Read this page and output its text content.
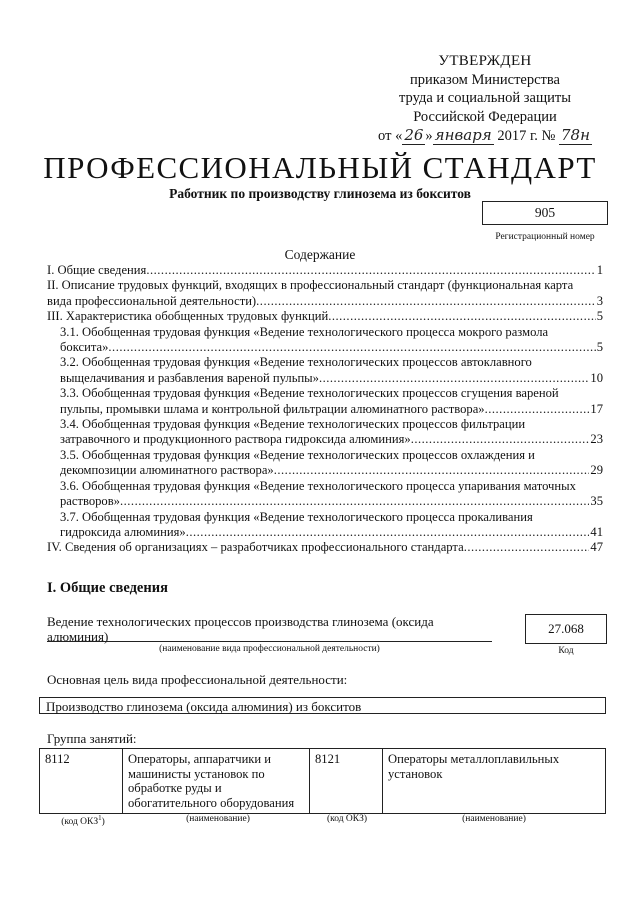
УТВЕРЖДЕН
приказом Министерства
труда и социальной защиты
Российской Федерации
от « 26 » января 2017 г. № 78н
ПРОФЕССИОНАЛЬНЫЙ СТАНДАРТ
Работник по производству глинозема из бокситов
905
Регистрационный номер
Содержание
I. Общие сведения .....	1
II. Описание трудовых функций, входящих в профессиональный стандарт (функциональная карта
вида профессиональной деятельности) .....	3
III. Характеристика обобщенных трудовых функций .....	5
3.1. Обобщенная трудовая функция «Ведение технологического процесса мокрого размола
боксита» .....	5
3.2. Обобщенная трудовая функция «Ведение технологических процессов автоклавного
выщелачивания и разбавления вареной пульпы» .....	10
3.3. Обобщенная трудовая функция «Ведение технологических процессов сгущения вареной
пульпы, промывки шлама и контрольной фильтрации алюминатного раствора» .....	17
3.4. Обобщенная трудовая функция «Ведение технологических процессов фильтрации
затравочного и продукционного раствора гидроксида алюминия» .....	23
3.5. Обобщенная трудовая функция «Ведение технологических процессов охлаждения и
декомпозиции алюминатного раствора» .....	29
3.6. Обобщенная трудовая функция «Ведение технологического процесса упаривания маточных
растворов» .....	35
3.7. Обобщенная трудовая функция «Ведение технологического процесса прокаливания
гидроксида алюминия» .....	41
IV. Сведения об организациях – разработчиках профессионального стандарта .....	47
I. Общие сведения
Ведение технологических процессов производства глинозема (оксида алюминия)
(наименование вида профессиональной деятельности)
27.068
Код
Основная цель вида профессиональной деятельности:
Производство глинозема (оксида алюминия) из бокситов
Группа занятий:
8112	Операторы, аппаратчики и машинисты установок по обработке руды и обогатительного оборудования	8121	Операторы металлоплавильных установок
(код ОКЗ$^1$)	(наименование)	(код ОКЗ)	(наименование)
